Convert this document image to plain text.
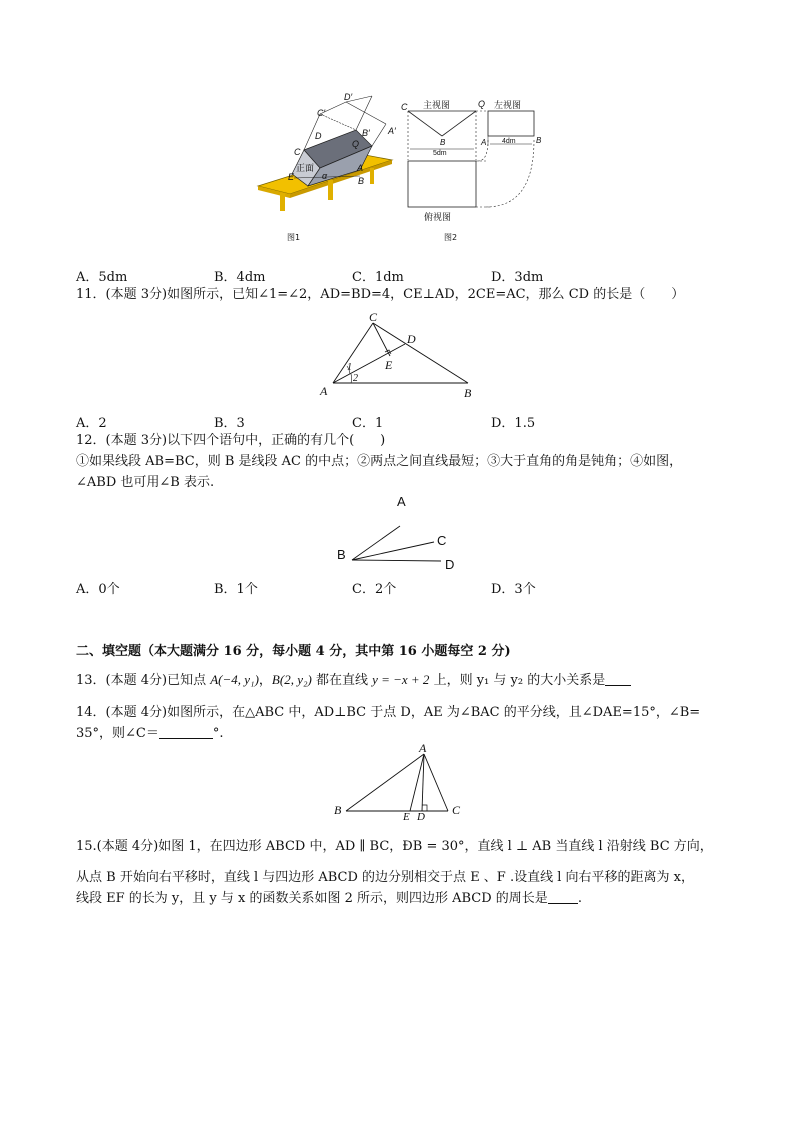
D′
C′
B′ A′
D
Q
C
正面
E	α
A
B
图1
C 主视图	Q 左视图
B	A
5dm
4dm	B
俯视图
图2
A．5dm	B．4dm	C．1dm	D．3dm
11．(本题 3分)如图所示，已知∠1=∠2，AD=BD=4，CE⊥AD，2CE=AC，那么 CD 的长是（　　）
C
D
E
1
2
A	B
A．2	B．3	C．1	D．1.5
12．(本题 3分)以下四个语句中，正确的有几个(　　)
①如果线段 AB=BC，则 B 是线段 AC 的中点；②两点之间直线最短；③大于直角的角是钝角；④如图，
∠ABD 也可用∠B 表示.
A
B
C
D
A．0个	B．1个	C．2个	D．3个
二、填空题（本大题满分 16 分，每小题 4 分，其中第 16 小题每空 2 分)
13．(本题 4分)已知点 A(−4, y₁)，B(2, y₂) 都在直线 y = −x + 2 上，则 y₁ 与 y₂ 的大小关系是
14．(本题 4分)如图所示，在△ABC 中，AD⊥BC 于点 D，AE 为∠BAC 的平分线，且∠DAE=15°，∠B=
35°，则∠C＝	°.
A
B	E D C
15.(本题 4分)如图 1，在四边形 ABCD 中，AD ∥ BC，ÐB = 30°，直线 l ⊥ AB 当直线 l 沿射线 BC 方向，
从点 B 开始向右平移时，直线 l 与四边形 ABCD 的边分别相交于点 E 、F .设直线 l 向右平移的距离为 x，
线段 EF 的长为 y，且 y 与 x 的函数关系如图 2 所示，则四边形 ABCD 的周长是 .
